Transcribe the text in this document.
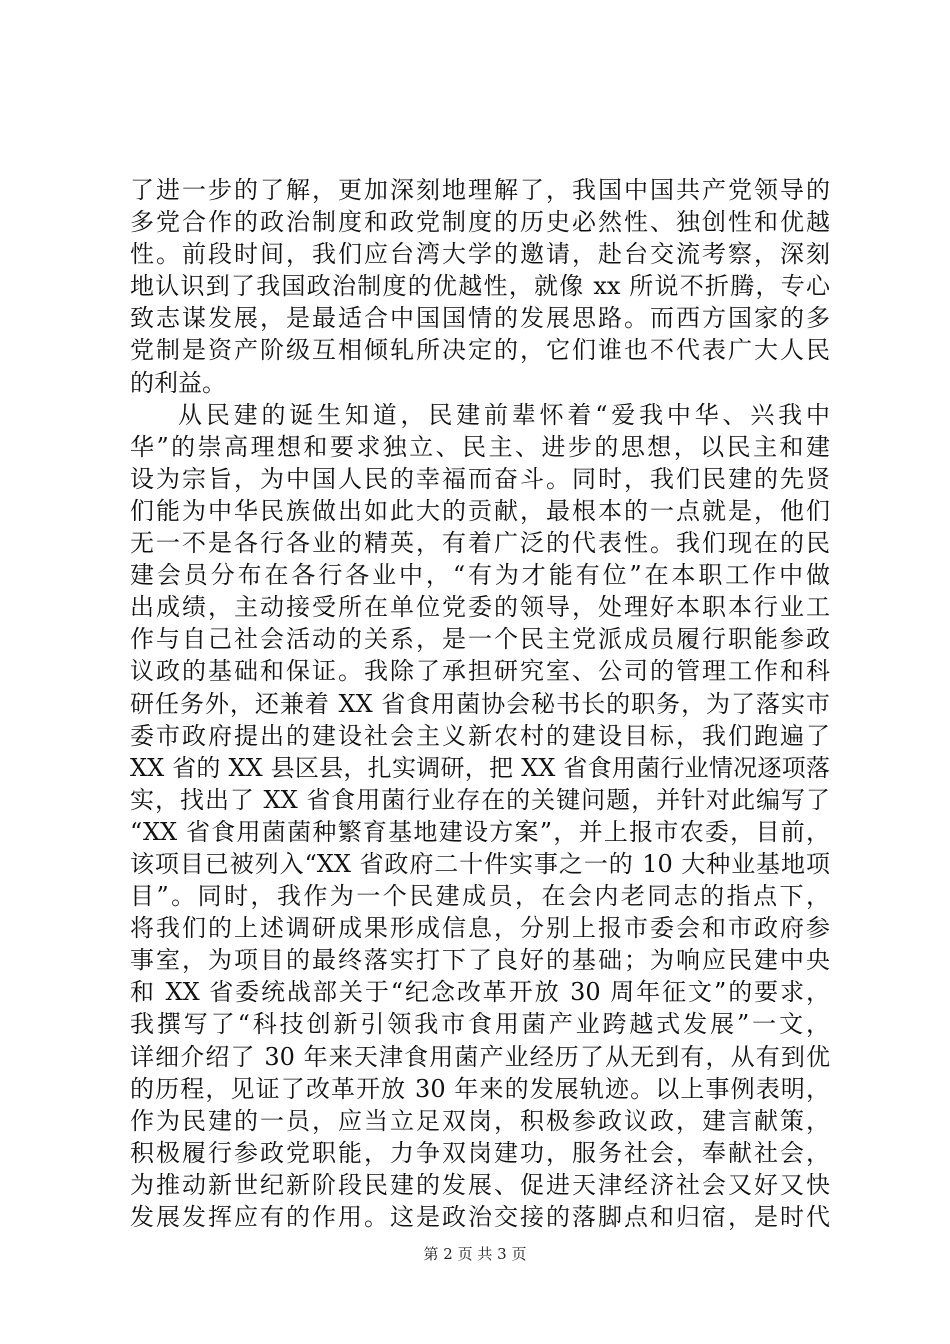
了进一步的了解，更加深刻地理解了，我国中国共产党领导的
多党合作的政治制度和政党制度的历史必然性、独创性和优越
性。前段时间，我们应台湾大学的邀请，赴台交流考察，深刻
地认识到了我国政治制度的优越性，就像 xx 所说不折腾，专心
致志谋发展，是最适合中国国情的发展思路。而西方国家的多
党制是资产阶级互相倾轧所决定的，它们谁也不代表广大人民
的利益。
从民建的诞生知道，民建前辈怀着“爱我中华、兴我中
华”的崇高理想和要求独立、民主、进步的思想，以民主和建
设为宗旨，为中国人民的幸福而奋斗。同时，我们民建的先贤
们能为中华民族做出如此大的贡献，最根本的一点就是，他们
无一不是各行各业的精英，有着广泛的代表性。我们现在的民
建会员分布在各行各业中，“有为才能有位”在本职工作中做
出成绩，主动接受所在单位党委的领导，处理好本职本行业工
作与自己社会活动的关系，是一个民主党派成员履行职能参政
议政的基础和保证。我除了承担研究室、公司的管理工作和科
研任务外，还兼着 XX 省食用菌协会秘书长的职务，为了落实市
委市政府提出的建设社会主义新农村的建设目标，我们跑遍了
XX 省的 XX 县区县，扎实调研，把 XX 省食用菌行业情况逐项落
实，找出了 XX 省食用菌行业存在的关键问题，并针对此编写了
“XX 省食用菌菌种繁育基地建设方案”，并上报市农委，目前，
该项目已被列入“XX 省政府二十件实事之一的 10 大种业基地项
目”。同时，我作为一个民建成员，在会内老同志的指点下，
将我们的上述调研成果形成信息，分别上报市委会和市政府参
事室，为项目的最终落实打下了良好的基础；为响应民建中央
和 XX 省委统战部关于“纪念改革开放 30 周年征文”的要求，
我撰写了“科技创新引领我市食用菌产业跨越式发展”一文，
详细介绍了 30 年来天津食用菌产业经历了从无到有，从有到优
的历程，见证了改革开放 30 年来的发展轨迹。以上事例表明，
作为民建的一员，应当立足双岗，积极参政议政，建言献策，
积极履行参政党职能，力争双岗建功，服务社会，奉献社会，
为推动新世纪新阶段民建的发展、促进天津经济社会又好又快
发展发挥应有的作用。这是政治交接的落脚点和归宿，是时代
第 2 页 共 3 页
